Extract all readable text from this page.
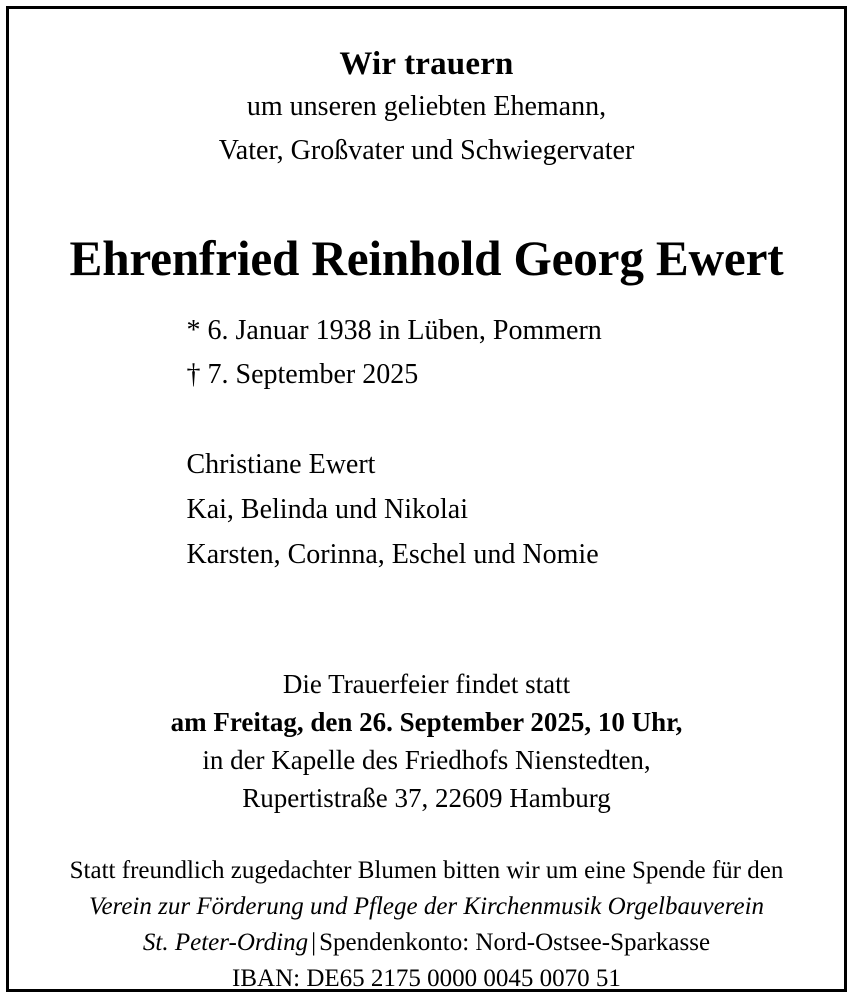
Wir trauern
um unseren geliebten Ehemann,
Vater, Großvater und Schwiegervater
Ehrenfried Reinhold Georg Ewert
* 6. Januar 1938 in Lüben, Pommern
† 7. September 2025
Christiane Ewert
Kai, Belinda und Nikolai
Karsten, Corinna, Eschel und Nomie
Die Trauerfeier findet statt
am Freitag, den 26. September 2025, 10 Uhr,
in der Kapelle des Friedhofs Nienstedten,
Rupertistraße 37, 22609 Hamburg
Statt freundlich zugedachter Blumen bitten wir um eine Spende für den
Verein zur Förderung und Pflege der Kirchenmusik Orgelbauverein
St. Peter-Ording | Spendenkonto: Nord-Ostsee-Sparkasse
IBAN: DE65 2175 0000 0045 0070 51
